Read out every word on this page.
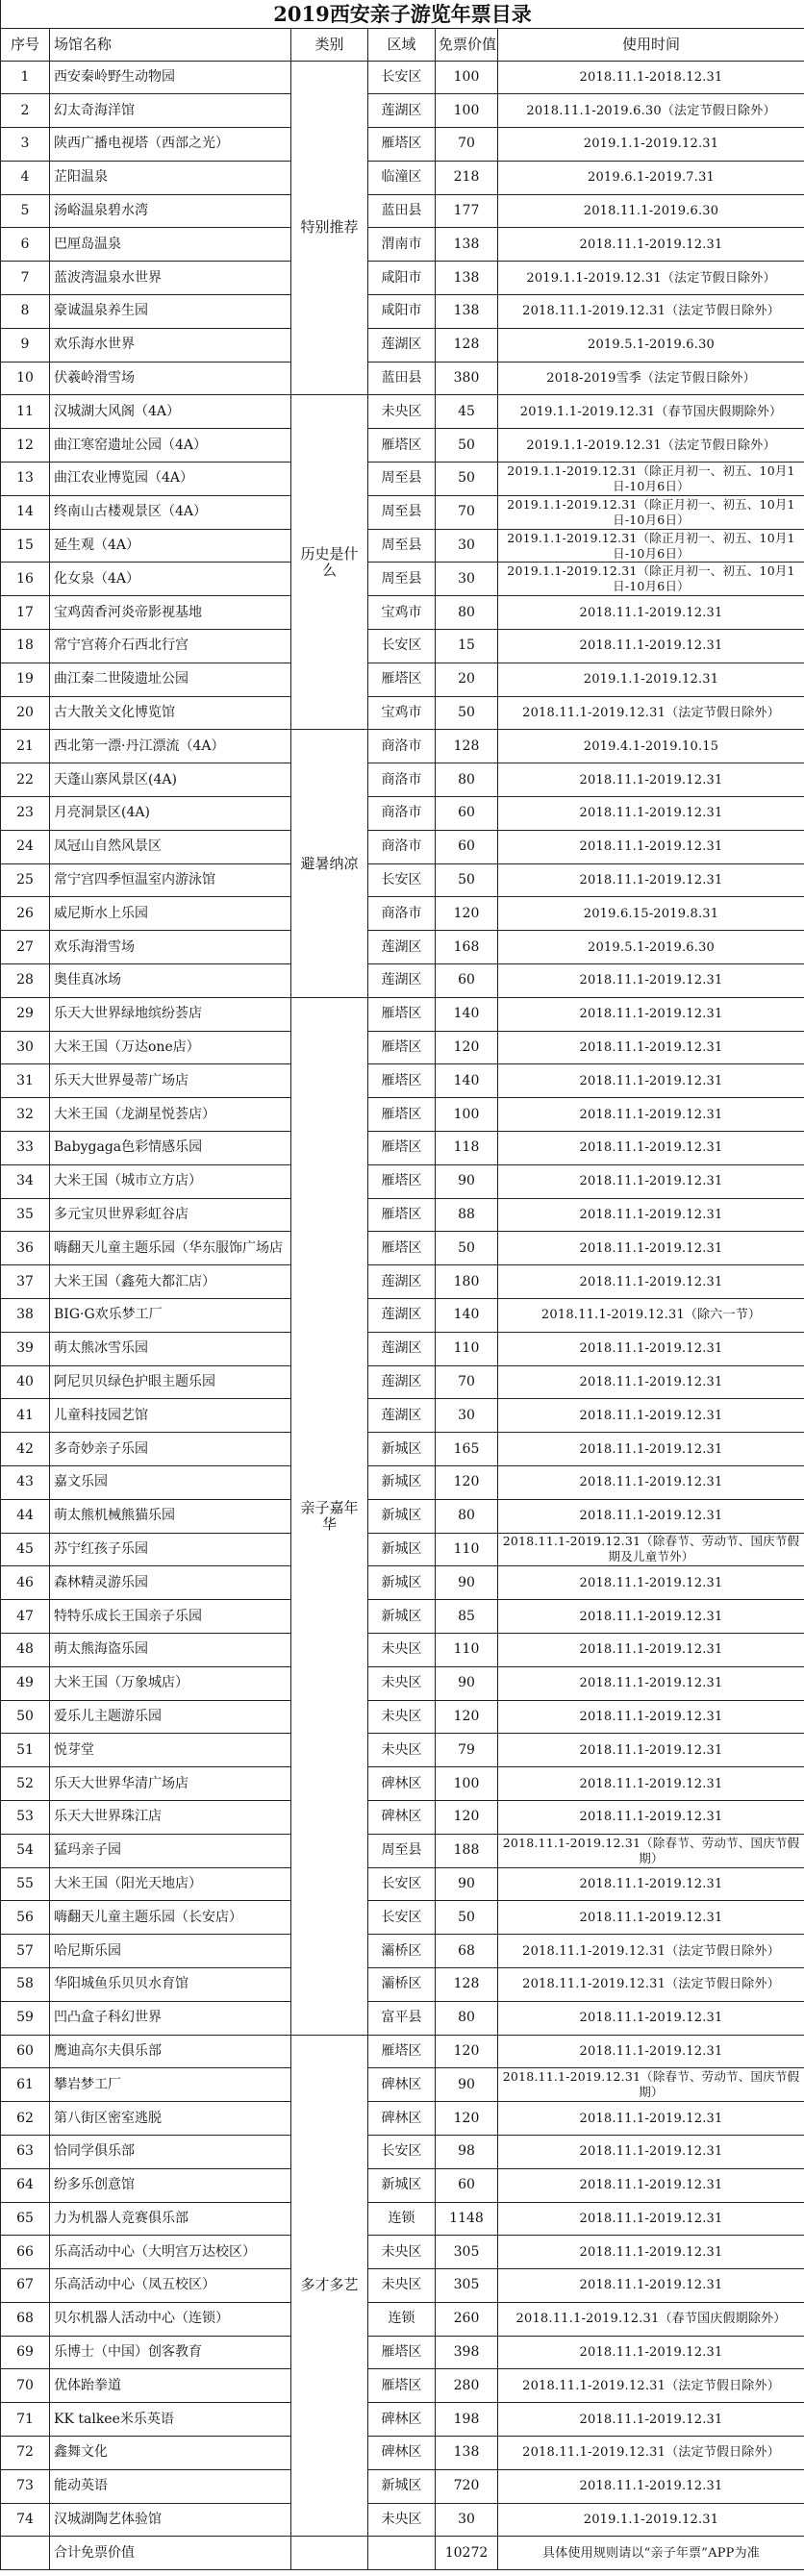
2019西安亲子游览年票目录					
序号	场馆名称	类别	区域	免票价值	使用时间
1	西安秦岭野生动物园	特别推荐	长安区	100	2018.11.1-2018.12.31
2	幻太奇海洋馆		莲湖区	100	2018.11.1-2019.6.30（法定节假日除外）
3	陕西广播电视塔（西部之光）		雁塔区	70	2019.1.1-2019.12.31
4	芷阳温泉		临潼区	218	2019.6.1-2019.7.31
5	汤峪温泉碧水湾		蓝田县	177	2018.11.1-2019.6.30
6	巴厘岛温泉		渭南市	138	2018.11.1-2019.12.31
7	蓝波湾温泉水世界		咸阳市	138	2019.1.1-2019.12.31（法定节假日除外）
8	豪诚温泉养生园		咸阳市	138	2018.11.1-2019.12.31（法定节假日除外）
9	欢乐海水世界		莲湖区	128	2019.5.1-2019.6.30
10	伏羲岭滑雪场		蓝田县	380	2018-2019雪季（法定节假日除外）
11	汉城湖大风阁（4A）	历史是什么	未央区	45	2019.1.1-2019.12.31（春节国庆假期除外）
12	曲江寒窑遗址公园（4A）		雁塔区	50	2019.1.1-2019.12.31（法定节假日除外）
13	曲江农业博览园（4A）		周至县	50	2019.1.1-2019.12.31（除正月初一、初五、10月1日-10月6日）
14	终南山古楼观景区（4A）		周至县	70	2019.1.1-2019.12.31（除正月初一、初五、10月1日-10月6日）
15	延生观（4A）		周至县	30	2019.1.1-2019.12.31（除正月初一、初五、10月1日-10月6日）
16	化女泉（4A）		周至县	30	2019.1.1-2019.12.31（除正月初一、初五、10月1日-10月6日）
17	宝鸡茵香河炎帝影视基地		宝鸡市	80	2018.11.1-2019.12.31
18	常宁宫蒋介石西北行宫		长安区	15	2018.11.1-2019.12.31
19	曲江秦二世陵遗址公园		雁塔区	20	2019.1.1-2019.12.31
20	古大散关文化博览馆		宝鸡市	50	2018.11.1-2019.12.31（法定节假日除外）
21	西北第一漂·丹江漂流（4A）	避暑纳凉	商洛市	128	2019.4.1-2019.10.15
22	天蓬山寨风景区(4A)		商洛市	80	2018.11.1-2019.12.31
23	月亮洞景区(4A)		商洛市	60	2018.11.1-2019.12.31
24	凤冠山自然风景区		商洛市	60	2018.11.1-2019.12.31
25	常宁宫四季恒温室内游泳馆		长安区	50	2018.11.1-2019.12.31
26	威尼斯水上乐园		商洛市	120	2019.6.15-2019.8.31
27	欢乐海滑雪场		莲湖区	168	2019.5.1-2019.6.30
28	奥佳真冰场		莲湖区	60	2018.11.1-2019.12.31
29	乐天大世界绿地缤纷荟店	亲子嘉年华	雁塔区	140	2018.11.1-2019.12.31
30	大米王国（万达one店）		雁塔区	120	2018.11.1-2019.12.31
31	乐天大世界曼蒂广场店		雁塔区	140	2018.11.1-2019.12.31
32	大米王国（龙湖星悦荟店）		雁塔区	100	2018.11.1-2019.12.31
33	Babygaga色彩情感乐园		雁塔区	118	2018.11.1-2019.12.31
34	大米王国（城市立方店）		雁塔区	90	2018.11.1-2019.12.31
35	多元宝贝世界彩虹谷店		雁塔区	88	2018.11.1-2019.12.31
36	嗨翻天儿童主题乐园（华东服饰广场店		雁塔区	50	2018.11.1-2019.12.31
37	大米王国（鑫苑大都汇店）		莲湖区	180	2018.11.1-2019.12.31
38	BIG·G欢乐梦工厂		莲湖区	140	2018.11.1-2019.12.31（除六一节）
39	萌太熊冰雪乐园		莲湖区	110	2018.11.1-2019.12.31
40	阿尼贝贝绿色护眼主题乐园		莲湖区	70	2018.11.1-2019.12.31
41	儿童科技园艺馆		莲湖区	30	2018.11.1-2019.12.31
42	多奇妙亲子乐园		新城区	165	2018.11.1-2019.12.31
43	嘉文乐园		新城区	120	2018.11.1-2019.12.31
44	萌太熊机械熊猫乐园		新城区	80	2018.11.1-2019.12.31
45	苏宁红孩子乐园		新城区	110	2018.11.1-2019.12.31（除春节、劳动节、国庆节假期及儿童节外）
46	森林精灵游乐园		新城区	90	2018.11.1-2019.12.31
47	特特乐成长王国亲子乐园		新城区	85	2018.11.1-2019.12.31
48	萌太熊海盗乐园		未央区	110	2018.11.1-2019.12.31
49	大米王国（万象城店）		未央区	90	2018.11.1-2019.12.31
50	爱乐儿主题游乐园		未央区	120	2018.11.1-2019.12.31
51	悦芽堂		未央区	79	2018.11.1-2019.12.31
52	乐天大世界华清广场店		碑林区	100	2018.11.1-2019.12.31
53	乐天大世界珠江店		碑林区	120	2018.11.1-2019.12.31
54	猛玛亲子园		周至县	188	2018.11.1-2019.12.31（除春节、劳动节、国庆节假期）
55	大米王国（阳光天地店）		长安区	90	2018.11.1-2019.12.31
56	嗨翻天儿童主题乐园（长安店）		长安区	50	2018.11.1-2019.12.31
57	哈尼斯乐园		灞桥区	68	2018.11.1-2019.12.31（法定节假日除外）
58	华阳城鱼乐贝贝水育馆		灞桥区	128	2018.11.1-2019.12.31（法定节假日除外）
59	凹凸盒子科幻世界		富平县	80	2018.11.1-2019.12.31
60	鹰迪高尔夫俱乐部	多才多艺	雁塔区	120	2018.11.1-2019.12.31
61	攀岩梦工厂		碑林区	90	2018.11.1-2019.12.31（除春节、劳动节、国庆节假期）
62	第八街区密室逃脱		碑林区	120	2018.11.1-2019.12.31
63	恰同学俱乐部		长安区	98	2018.11.1-2019.12.31
64	纷多乐创意馆		新城区	60	2018.11.1-2019.12.31
65	力为机器人竞赛俱乐部		连锁	1148	2018.11.1-2019.12.31
66	乐高活动中心（大明宫万达校区）		未央区	305	2018.11.1-2019.12.31
67	乐高活动中心（凤五校区）		未央区	305	2018.11.1-2019.12.31
68	贝尔机器人活动中心（连锁）		连锁	260	2018.11.1-2019.12.31（春节国庆假期除外）
69	乐博士（中国）创客教育		雁塔区	398	2018.11.1-2019.12.31
70	优体跆拳道		雁塔区	280	2018.11.1-2019.12.31（法定节假日除外）
71	KK talkee米乐英语		碑林区	198	2018.11.1-2019.12.31
72	鑫舞文化		碑林区	138	2018.11.1-2019.12.31（法定节假日除外）
73	能动英语		新城区	720	2018.11.1-2019.12.31
74	汉城湖陶艺体验馆		未央区	30	2019.1.1-2019.12.31
	合计免票价值			10272	具体使用规则请以“亲子年票”APP为准
